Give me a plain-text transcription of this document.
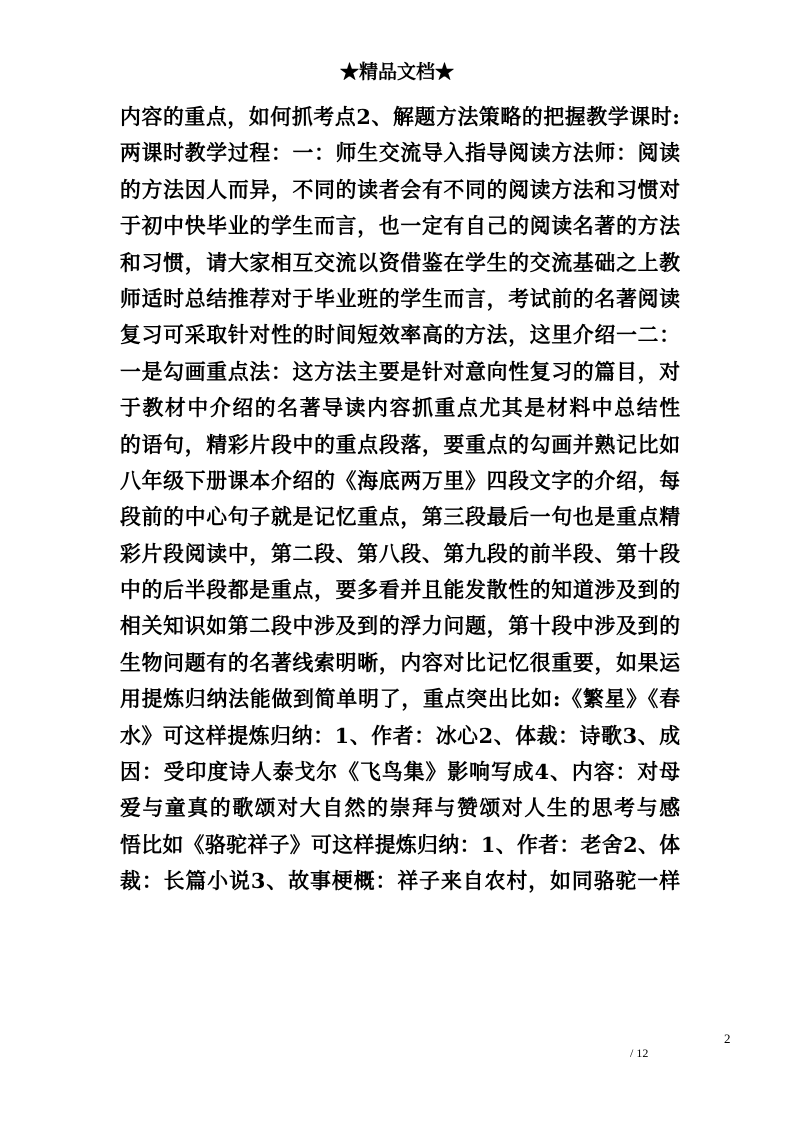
★精品文档★
内容的重点，如何抓考点2、解题方法策略的把握教学课时:
两课时教学过程：一：师生交流导入指导阅读方法师：阅读
的方法因人而异，不同的读者会有不同的阅读方法和习惯对
于初中快毕业的学生而言，也一定有自己的阅读名著的方法
和习惯，请大家相互交流以资借鉴在学生的交流基础之上教
师适时总结推荐对于毕业班的学生而言，考试前的名著阅读
复习可采取针对性的时间短效率高的方法，这里介绍一二：
一是勾画重点法：这方法主要是针对意向性复习的篇目，对
于教材中介绍的名著导读内容抓重点尤其是材料中总结性
的语句，精彩片段中的重点段落，要重点的勾画并熟记比如
八年级下册课本介绍的《海底两万里》四段文字的介绍，每
段前的中心句子就是记忆重点，第三段最后一句也是重点精
彩片段阅读中，第二段、第八段、第九段的前半段、第十段
中的后半段都是重点，要多看并且能发散性的知道涉及到的
相关知识如第二段中涉及到的浮力问题，第十段中涉及到的
生物问题有的名著线索明晰，内容对比记忆很重要，如果运
用提炼归纳法能做到简单明了，重点突出比如:《繁星》《春
水》可这样提炼归纳：1、作者：冰心2、体裁：诗歌3、成
因：受印度诗人泰戈尔《飞鸟集》影响写成4、内容：对母
爱与童真的歌颂对大自然的崇拜与赞颂对人生的思考与感
悟比如《骆驼祥子》可这样提炼归纳：1、作者：老舍2、体
裁：长篇小说3、故事梗概：祥子来自农村，如同骆驼一样
2
/ 12
